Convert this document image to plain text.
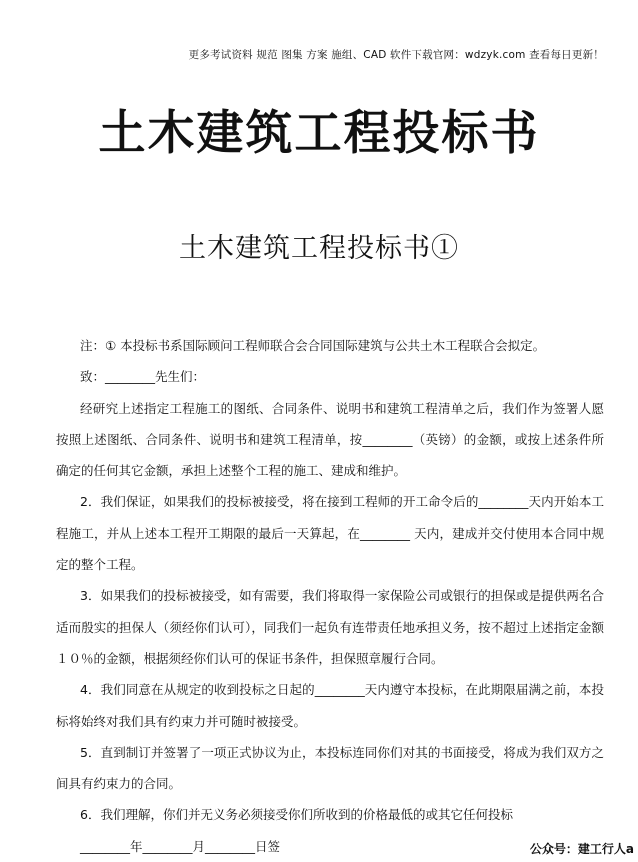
更多考试资料 规范 图集 方案 施组、CAD 软件下载官网：wdzyk.com 查看每日更新！
土木建筑工程投标书
土木建筑工程投标书①

注：① 本投标书系国际顾问工程师联合会合同国际建筑与公共土木工程联合会拟定。

致：________先生们：

经研究上述指定工程施工的图纸、合同条件、说明书和建筑工程清单之后，我们作为签署人愿按照上述图纸、合同条件、说明书和建筑工程清单，按________（英镑）的金额，或按上述条件所确定的任何其它金额，承担上述整个工程的施工、建成和维护。

2．我们保证，如果我们的投标被接受，将在接到工程师的开工命令后的________天内开始本工程施工，并从上述本工程开工期限的最后一天算起，在________ 天内，建成并交付使用本合同中规定的整个工程。

3．如果我们的投标被接受，如有需要，我们将取得一家保险公司或银行的担保或是提供两名合适而殷实的担保人（须经你们认可），同我们一起负有连带责任地承担义务，按不超过上述指定金额１０％的金额，根据须经你们认可的保证书条件，担保照章履行合同。

4．我们同意在从规定的收到投标之日起的________天内遵守本投标，在此期限届满之前，本投标将始终对我们具有约束力并可随时被接受。

5．直到制订并签署了一项正式协议为止，本投标连同你们对其的书面接受，将成为我们双方之间具有约束力的合同。

6．我们理解，你们并无义务必须接受你们所收到的价格最低的或其它任何投标

________年________月________日签	公众号：建工行人a
